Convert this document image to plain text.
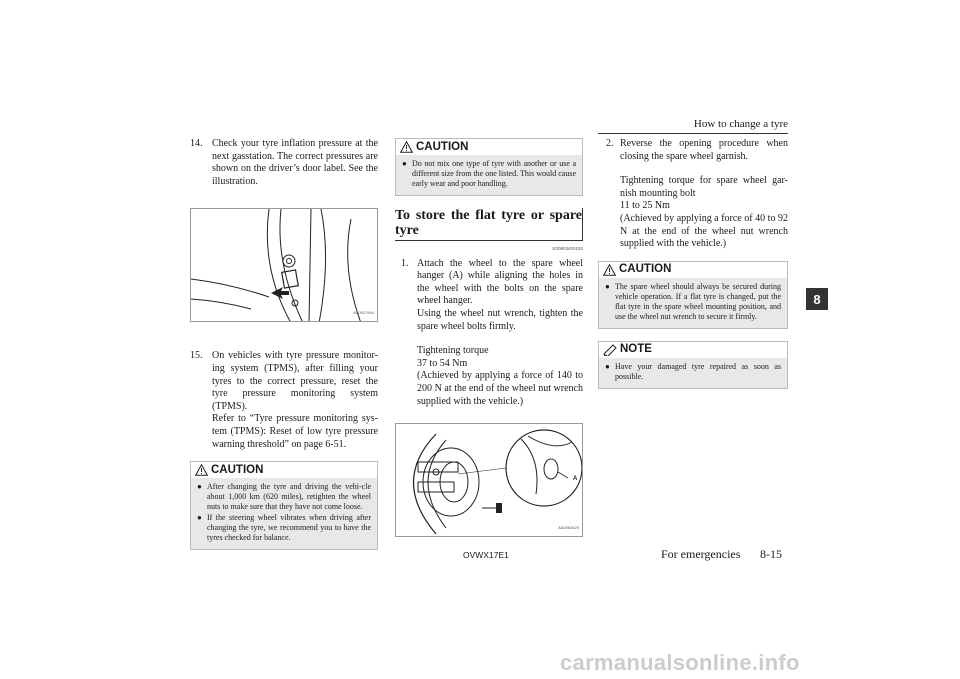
How to change a tyre
8
14. Check your tyre inflation pressure at the next gasstation. The correct pressures are shown on the driver’s door label. See the illustration.

AA0027944
15. On vehicles with tyre pressure monitor-ing system (TPMS), after filling your tyres to the correct pressure, reset the tyre pressure monitoring system (TPMS).

Refer to “Tyre pressure monitoring sys-tem (TPMS): Reset of low tyre pressure warning threshold” on page 6-51.

CAUTION
● After changing the tyre and driving the vehi-cle about 1,000 km (620 miles), retighten the wheel nuts to make sure that they have not come loose.
● If the steering wheel vibrates when driving after changing the tyre, we recommend you to have the tyres checked for balance.
CAUTION
● Do not mix one type of tyre with another or use a different size from the one listed. This would cause early wear and poor handling.
To store the flat tyre or spare tyre
E00803400192
1. Attach the wheel to the spare wheel hanger (A) while aligning the holes in the wheel with the bolts on the spare wheel hanger.

Using the wheel nut wrench, tighten the spare wheel bolts firmly.

Tightening torque

37 to 54 Nm

(Achieved by applying a force of 140 to 200 N at the end of the wheel nut wrench supplied with the vehicle.)

A
AA0063629
2. Reverse the opening procedure when closing the spare wheel garnish.

Tightening torque for spare wheel gar-nish mounting bolt

11 to 25 Nm

(Achieved by applying a force of 40 to 92 N at the end of the wheel nut wrench supplied with the vehicle.)

CAUTION
● The spare wheel should always be secured during vehicle operation. If a flat tyre is changed, put the flat tyre in the spare wheel mounting position, and use the wheel nut wrench to secure it firmly.
NOTE
● Have your damaged tyre repaired as soon as possible.
OVWX17E1	For emergencies 8-15
carmanualsonline.info
